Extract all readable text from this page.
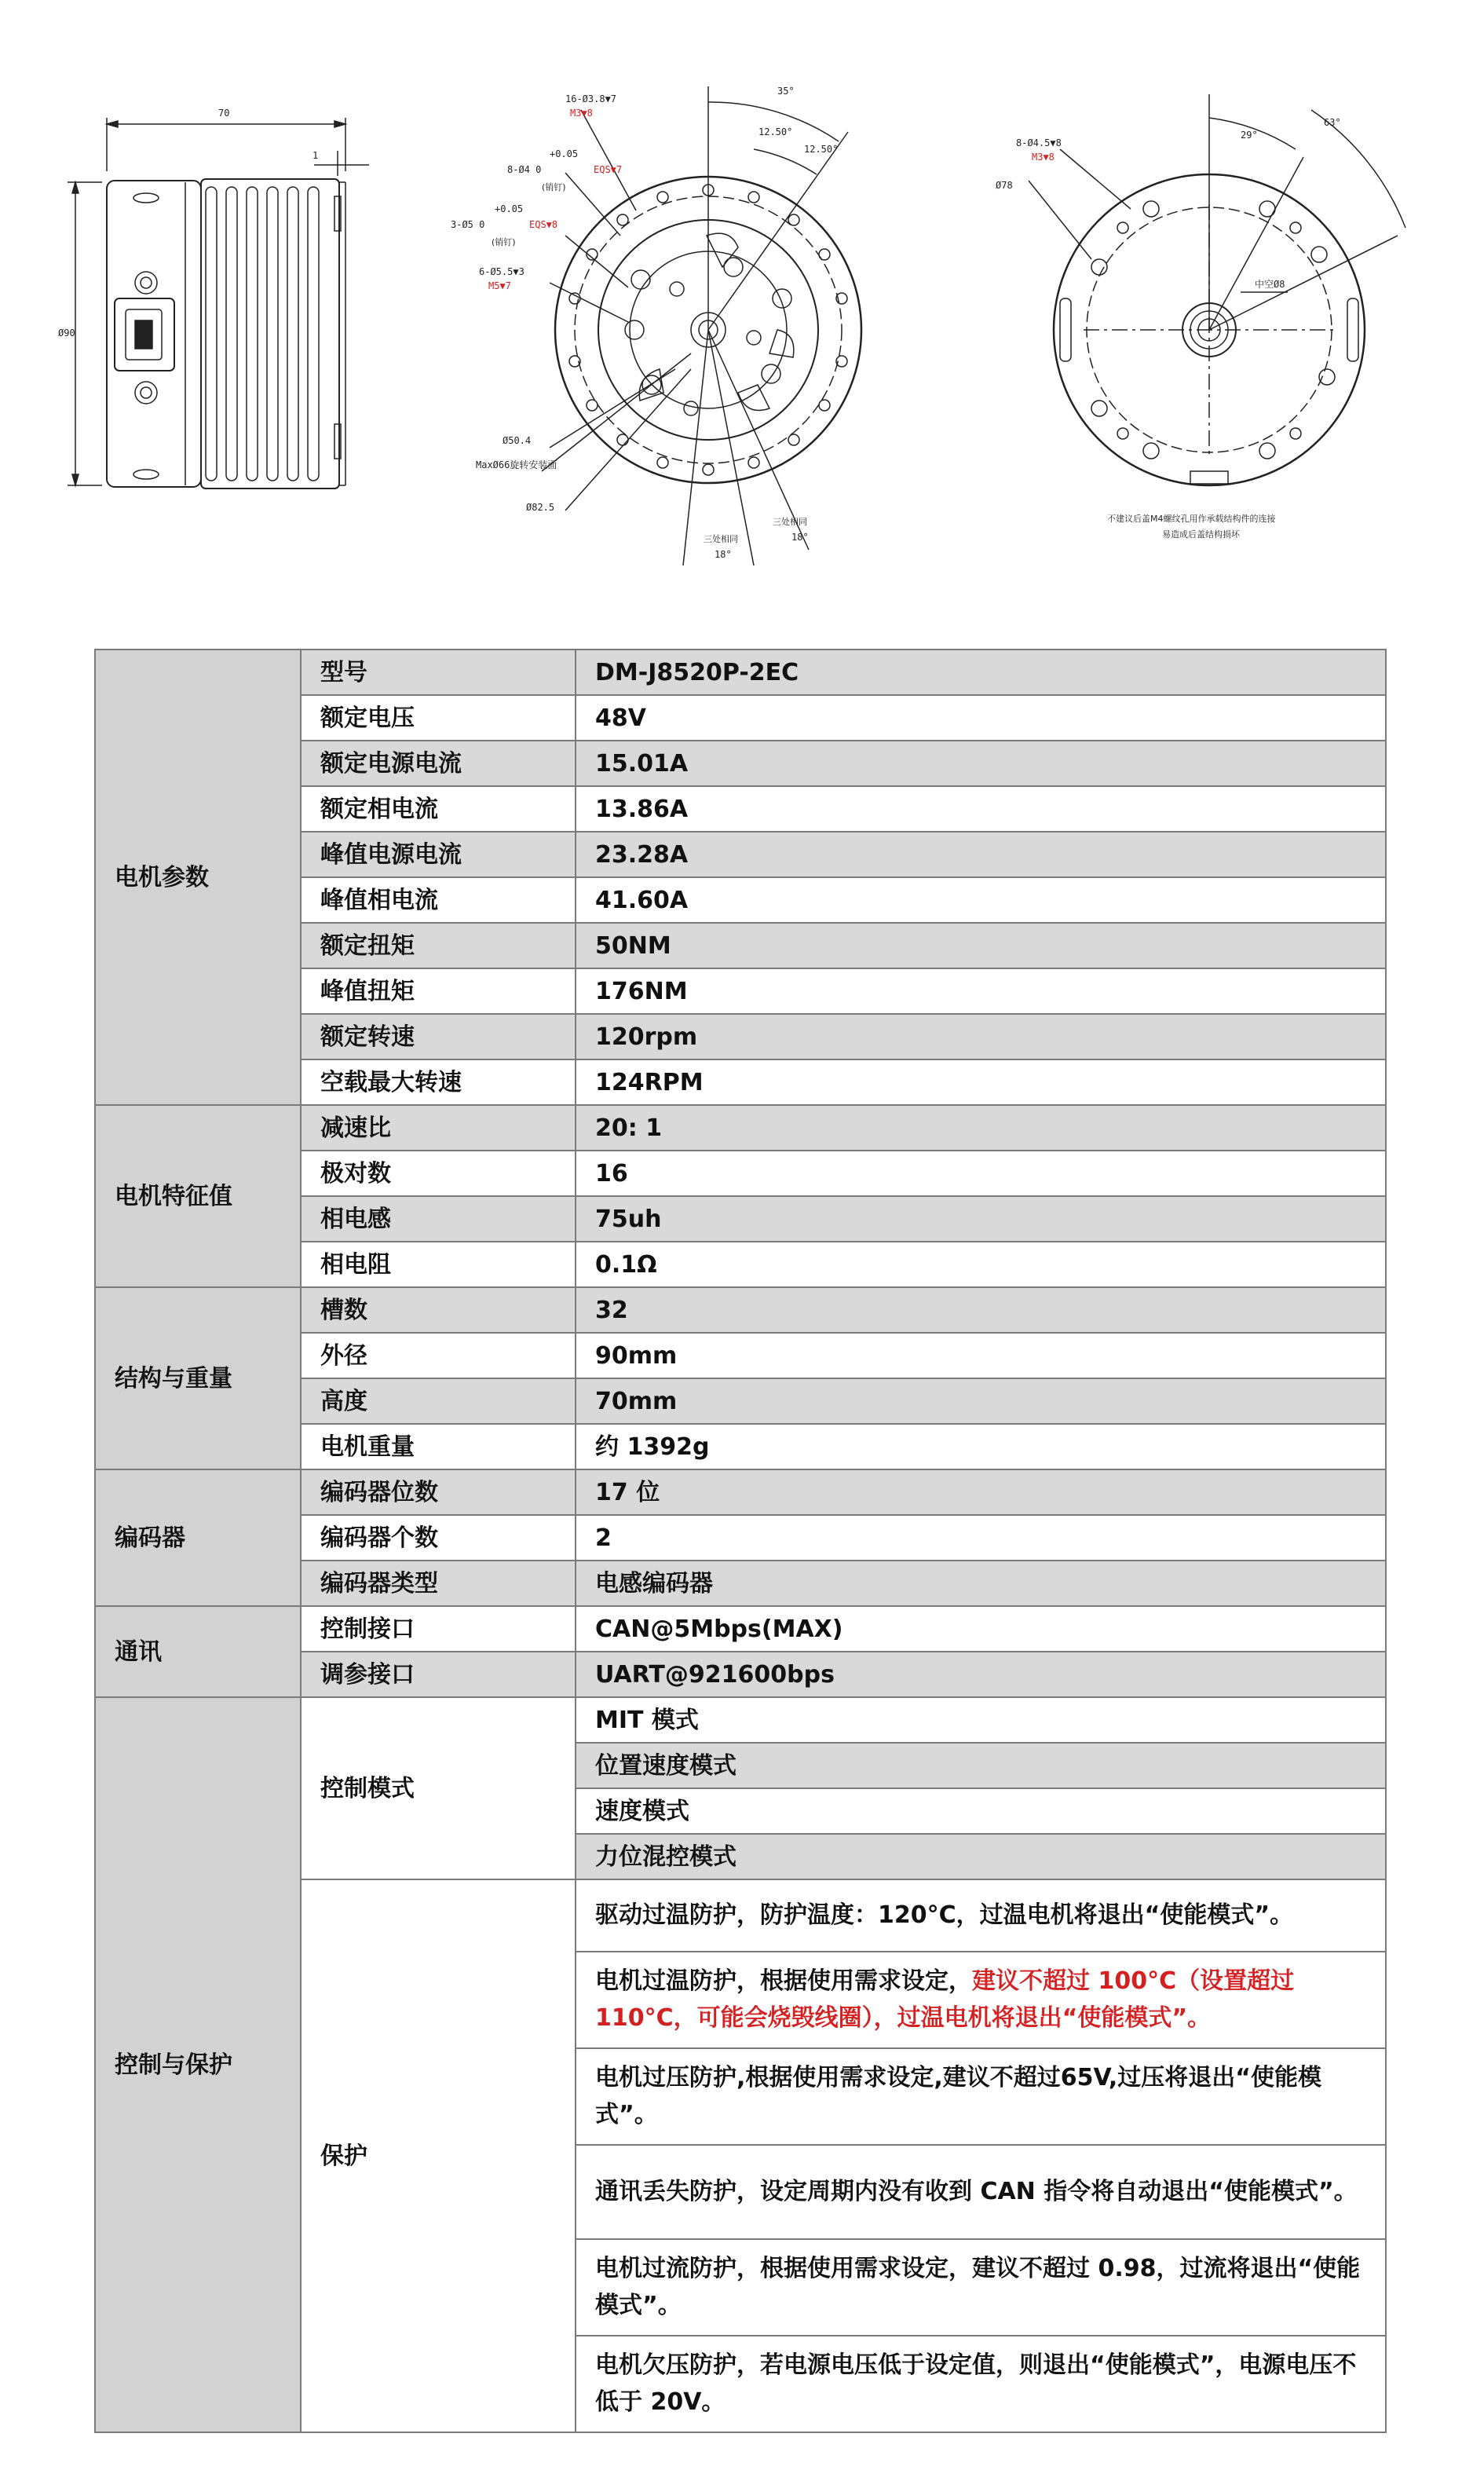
70
1
Ø90
16-Ø3.8▼7
M3▼8
+0.05
8-Ø4 0	EQS▼7
(销钉)
+0.05
3-Ø5 0	EQS▼8
(销钉)
6-Ø5.5▼3
M5▼7
Ø50.4
MaxØ66旋转安装面
Ø82.5
35°
12.50°
12.50°
三处相同
18°
三处相同
18°
8-Ø4.5▼8
M3▼8
Ø78
29°
63°
中空Ø8
不建议后盖M4螺纹孔用作承载结构件的连接
易造成后盖结构损坏
电机参数	型号	DM-J8520P-2EC
	额定电压	48V
	额定电源电流	15.01A
	额定相电流	13.86A
	峰值电源电流	23.28A
	峰值相电流	41.60A
	额定扭矩	50NM
	峰值扭矩	176NM
	额定转速	120rpm
	空载最大转速	124RPM
电机特征值	减速比	20: 1
	极对数	16
	相电感	75uh
	相电阻	0.1Ω
结构与重量	槽数	32
	外径	90mm
	高度	70mm
	电机重量	约 1392g
编码器	编码器位数	17 位
	编码器个数	2
	编码器类型	电感编码器
通讯	控制接口	CAN@5Mbps(MAX)
	调参接口	UART@921600bps
控制与保护	控制模式	MIT 模式
		位置速度模式
		速度模式
		力位混控模式
	保护	驱动过温防护，防护温度：120°C，过温电机将退出“使能模式”。
		电机过温防护，根据使用需求设定，建议不超过 100°C（设置超过 110°C，可能会烧毁线圈），过温电机将退出“使能模式”。
		电机过压防护,根据使用需求设定,建议不超过65V,过压将退出“使能模式”。
		通讯丢失防护，设定周期内没有收到 CAN 指令将自动退出“使能模式”。
		电机过流防护，根据使用需求设定，建议不超过 0.98，过流将退出“使能模式”。
		电机欠压防护，若电源电压低于设定值，则退出“使能模式”，电源电压不低于 20V。
